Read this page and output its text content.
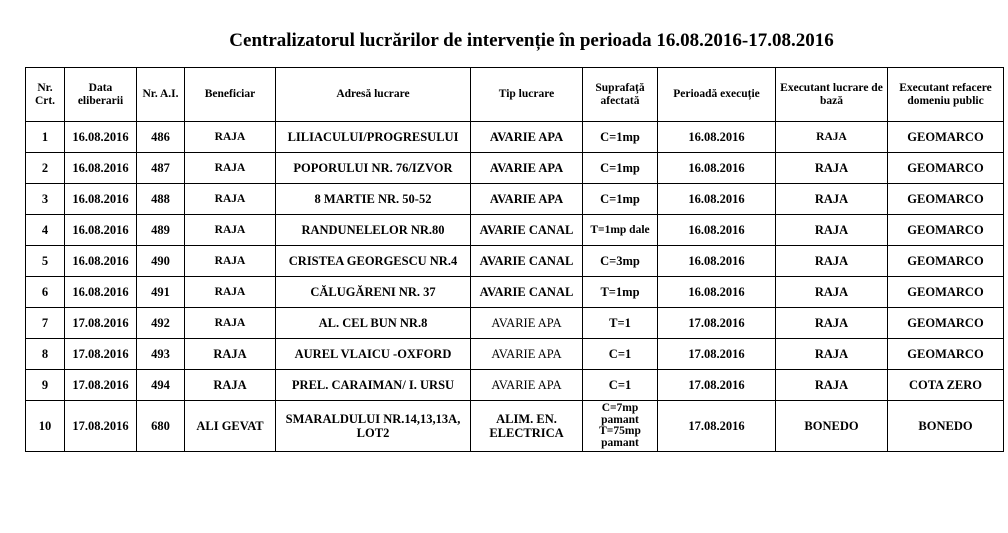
Centralizatorul lucrărilor de intervenție în perioada 16.08.2016-17.08.2016
Nr. Crt.	Data eliberarii	Nr. A.I.	Beneficiar	Adresă lucrare	Tip lucrare	Suprafață afectată	Perioadă execuție	Executant lucrare de bază	Executant refacere domeniu public
1	16.08.2016	486	RAJA	LILIACULUI/PROGRESULUI	AVARIE APA	C=1mp	16.08.2016	RAJA	GEOMARCO
2	16.08.2016	487	RAJA	POPORULUI NR. 76/IZVOR	AVARIE APA	C=1mp	16.08.2016	RAJA	GEOMARCO
3	16.08.2016	488	RAJA	8 MARTIE NR. 50-52	AVARIE APA	C=1mp	16.08.2016	RAJA	GEOMARCO
4	16.08.2016	489	RAJA	RANDUNELELOR NR.80	AVARIE CANAL	T=1mp dale	16.08.2016	RAJA	GEOMARCO
5	16.08.2016	490	RAJA	CRISTEA GEORGESCU NR.4	AVARIE CANAL	C=3mp	16.08.2016	RAJA	GEOMARCO
6	16.08.2016	491	RAJA	CĂLUGĂRENI NR. 37	AVARIE CANAL	T=1mp	16.08.2016	RAJA	GEOMARCO
7	17.08.2016	492	RAJA	AL. CEL BUN NR.8	AVARIE APA	T=1	17.08.2016	RAJA	GEOMARCO
8	17.08.2016	493	RAJA	AUREL VLAICU -OXFORD	AVARIE APA	C=1	17.08.2016	RAJA	GEOMARCO
9	17.08.2016	494	RAJA	PREL. CARAIMAN/ I. URSU	AVARIE APA	C=1	17.08.2016	RAJA	COTA ZERO
10	17.08.2016	680	ALI GEVAT	SMARALDULUI NR.14,13,13A, LOT2	ALIM. EN. ELECTRICA	C=7mp pamant T=75mp pamant	17.08.2016	BONEDO	BONEDO
